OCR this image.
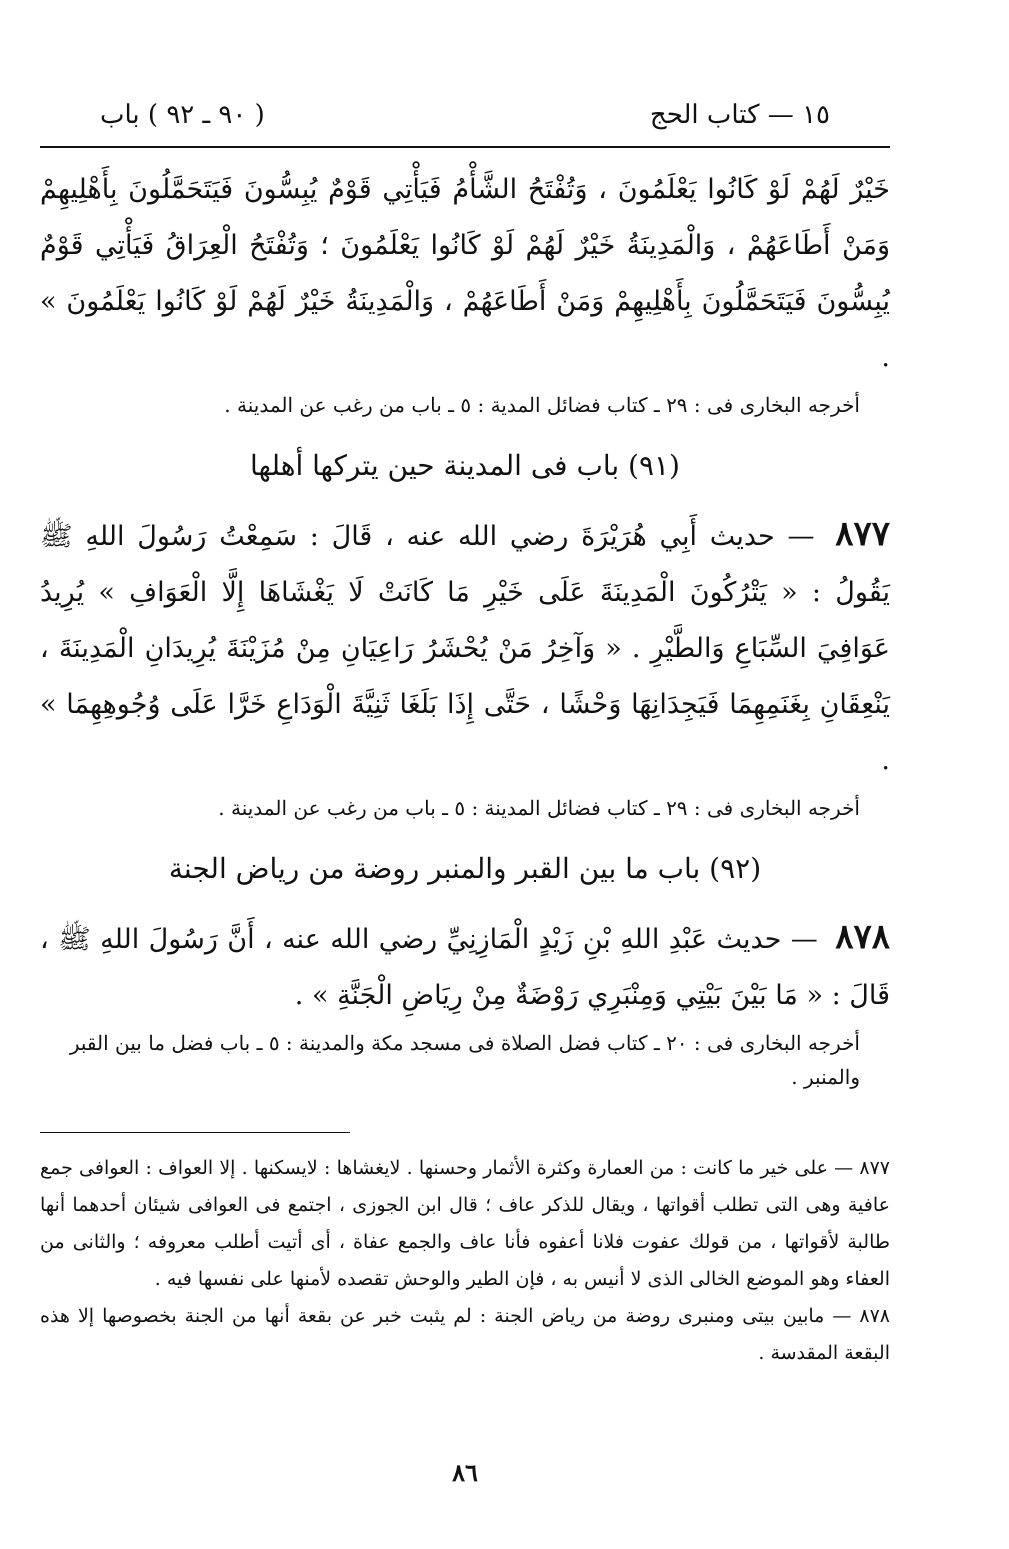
١٥ — كتاب الحج
( ٩٠ ـ ٩٢ ) باب

خَيْرٌ لَهُمْ لَوْ كَانُوا يَعْلَمُونَ ، وَتُفْتَحُ الشَّأْمُ فَيَأْتِي قَوْمٌ يُبِسُّونَ فَيَتَحَمَّلُونَ بِأَهْلِيهِمْ وَمَنْ أَطَاعَهُمْ ، وَالْمَدِينَةُ خَيْرٌ لَهُمْ لَوْ كَانُوا يَعْلَمُونَ ؛ وَتُفْتَحُ الْعِرَاقُ فَيَأْتِي قَوْمٌ يُبِسُّونَ فَيَتَحَمَّلُونَ بِأَهْلِيهِمْ وَمَنْ أَطَاعَهُمْ ، وَالْمَدِينَةُ خَيْرٌ لَهُمْ لَوْ كَانُوا يَعْلَمُونَ » .

أخرجه البخارى فى : ٢٩ ـ كتاب فضائل المدية : ٥ ـ باب من رغب عن المدينة .

(٩١) باب فى المدينة حين يتركها أهلها

٨٧٧ — حديث أَبِي هُرَيْرَةَ رضي الله عنه ، قَالَ : سَمِعْتُ رَسُولَ اللهِ ﷺ يَقُولُ : « يَتْرُكُونَ الْمَدِينَةَ عَلَى خَيْرِ مَا كَانَتْ لَا يَغْشَاهَا إِلَّا الْعَوَافِ » يُرِيدُ عَوَافِيَ السِّبَاعِ وَالطَّيْرِ . « وَآخِرُ مَنْ يُحْشَرُ رَاعِيَانِ مِنْ مُزَيْنَةَ يُرِيدَانِ الْمَدِينَةَ ، يَنْعِقَانِ بِغَنَمِهِمَا فَيَجِدَانِهَا وَحْشًا ، حَتَّى إِذَا بَلَغَا ثَنِيَّةَ الْوَدَاعِ خَرَّا عَلَى وُجُوهِهِمَا » .

أخرجه البخارى فى : ٢٩ ـ كتاب فضائل المدينة : ٥ ـ باب من رغب عن المدينة .

(٩٢) باب ما بين القبر والمنبر روضة من رياض الجنة

٨٧٨ — حديث عَبْدِ اللهِ بْنِ زَيْدٍ الْمَازِنِيِّ رضي الله عنه ، أَنَّ رَسُولَ اللهِ ﷺ ، قَالَ : « مَا بَيْنَ بَيْتِي وَمِنْبَرِي رَوْضَةٌ مِنْ رِيَاضِ الْجَنَّةِ » .

أخرجه البخارى فى : ٢٠ ـ كتاب فضل الصلاة فى مسجد مكة والمدينة : ٥ ـ باب فضل ما بين القبر والمنبر .

٨٧٧ — على خير ما كانت : من العمارة وكثرة الأثمار وحسنها . لايغشاها : لايسكنها . إلا العواف : العوافى جمع عافية وهى التى تطلب أقواتها ، ويقال للذكر عاف ؛ قال ابن الجوزى ، اجتمع فى العوافى شيئان أحدهما أنها طالبة لأقواتها ، من قولك عفوت فلانا أعفوه فأنا عاف والجمع عفاة ، أى أتيت أطلب معروفه ؛ والثانى من العفاء وهو الموضع الخالى الذى لا أنيس به ، فإن الطير والوحش تقصده لأمنها على نفسها فيه .

٨٧٨ — مابين بيتى ومنبرى روضة من رياض الجنة : لم يثبت خبر عن بقعة أنها من الجنة بخصوصها إلا هذه البقعة المقدسة .

٨٦
